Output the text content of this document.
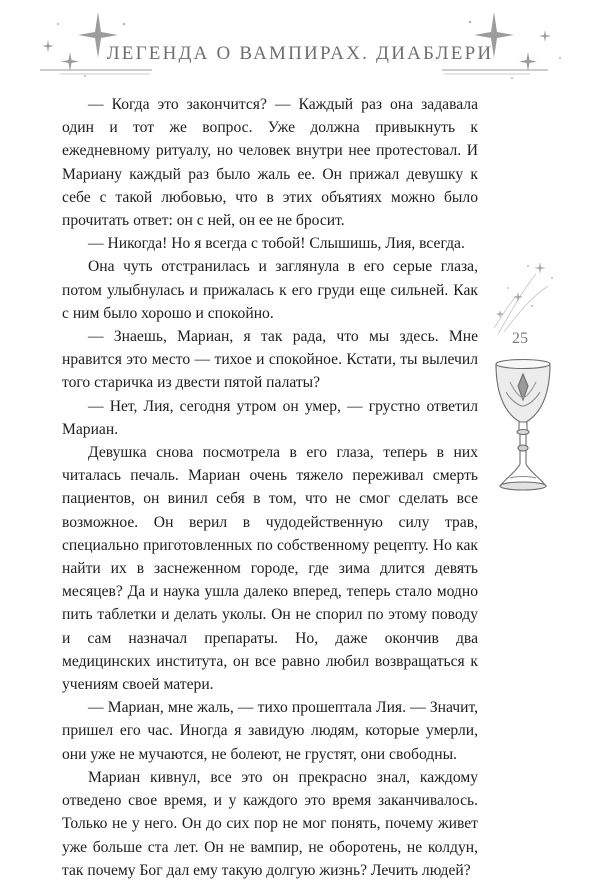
ЛЕГЕНДА О ВАМПИРАХ. ДИАБЛЕРИ
25

— Когда это закончится? — Каждый раз она задавала один и тот же вопрос. Уже должна привыкнуть к ежедневному ритуалу, но человек внутри нее протестовал. И Мариану каждый раз было жаль ее. Он прижал девушку к себе с такой любовью, что в этих объятиях можно было прочитать ответ: он с ней, он ее не бросит.

— Никогда! Но я всегда с тобой! Слышишь, Лия, всегда.

Она чуть отстранилась и заглянула в его серые глаза, потом улыбнулась и прижалась к его груди еще сильней. Как с ним было хорошо и спокойно.

— Знаешь, Мариан, я так рада, что мы здесь. Мне нравится это место — тихое и спокойное. Кстати, ты вылечил того старичка из двести пятой палаты?

— Нет, Лия, сегодня утром он умер, — грустно ответил Мариан.

Девушка снова посмотрела в его глаза, теперь в них читалась печаль. Мариан очень тяжело переживал смерть пациентов, он винил себя в том, что не смог сделать все возможное. Он верил в чудодейственную силу трав, специально приготовленных по собственному рецепту. Но как найти их в заснеженном городе, где зима длится девять месяцев? Да и наука ушла далеко вперед, теперь стало модно пить таблетки и делать уколы. Он не спорил по этому поводу и сам назначал препараты. Но, даже окончив два медицинских института, он все равно любил возвращаться к учениям своей матери.

— Мариан, мне жаль, — тихо прошептала Лия. — Значит, пришел его час. Иногда я завидую людям, которые умерли, они уже не мучаются, не болеют, не грустят, они свободны.

Мариан кивнул, все это он прекрасно знал, каждому отведено свое время, и у каждого это время заканчивалось. Только не у него. Он до сих пор не мог понять, почему живет уже больше ста лет. Он не вампир, не оборотень, не колдун, так почему Бог дал ему такую долгую жизнь? Лечить людей?
